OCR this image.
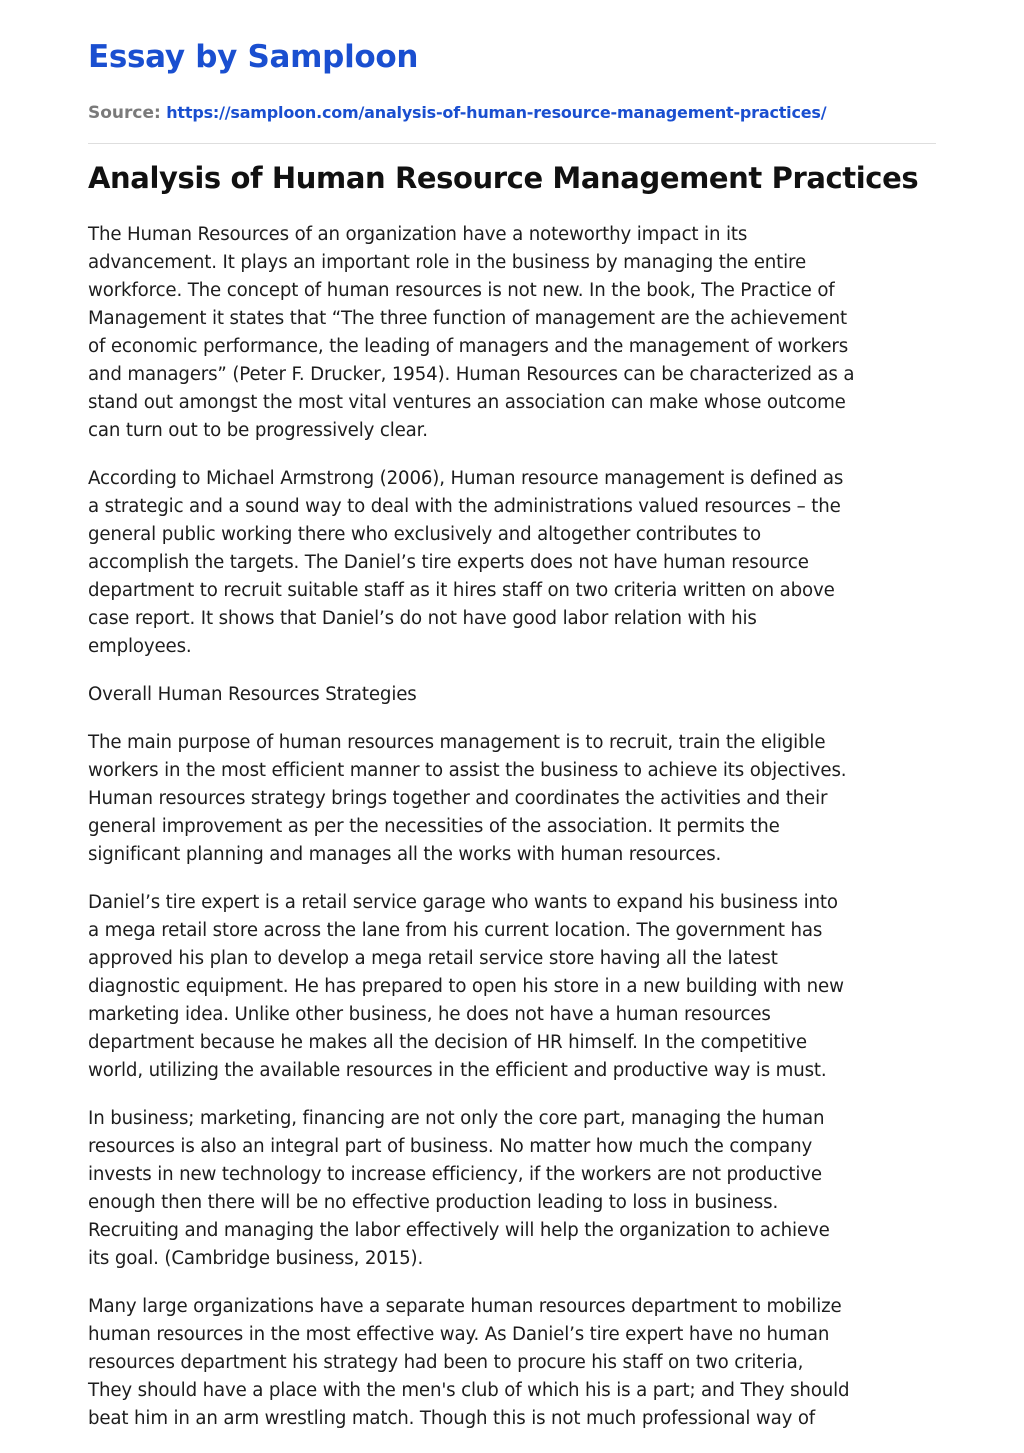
Essay by Samploon
Source: https://samploon.com/analysis-of-human-resource-management-practices/
Analysis of Human Resource Management Practices

The Human Resources of an organization have a noteworthy impact in its
advancement. It plays an important role in the business by managing the entire
workforce. The concept of human resources is not new. In the book, The Practice of
Management it states that “The three function of management are the achievement
of economic performance, the leading of managers and the management of workers
and managers” (Peter F. Drucker, 1954). Human Resources can be characterized as a
stand out amongst the most vital ventures an association can make whose outcome
can turn out to be progressively clear.

According to Michael Armstrong (2006), Human resource management is defined as
a strategic and a sound way to deal with the administrations valued resources – the
general public working there who exclusively and altogether contributes to
accomplish the targets. The Daniel’s tire experts does not have human resource
department to recruit suitable staff as it hires staff on two criteria written on above
case report. It shows that Daniel’s do not have good labor relation with his
employees.

Overall Human Resources Strategies

The main purpose of human resources management is to recruit, train the eligible
workers in the most efficient manner to assist the business to achieve its objectives.
Human resources strategy brings together and coordinates the activities and their
general improvement as per the necessities of the association. It permits the
significant planning and manages all the works with human resources.

Daniel’s tire expert is a retail service garage who wants to expand his business into
a mega retail store across the lane from his current location. The government has
approved his plan to develop a mega retail service store having all the latest
diagnostic equipment. He has prepared to open his store in a new building with new
marketing idea. Unlike other business, he does not have a human resources
department because he makes all the decision of HR himself. In the competitive
world, utilizing the available resources in the efficient and productive way is must.

In business; marketing, financing are not only the core part, managing the human
resources is also an integral part of business. No matter how much the company
invests in new technology to increase efficiency, if the workers are not productive
enough then there will be no effective production leading to loss in business.
Recruiting and managing the labor effectively will help the organization to achieve
its goal. (Cambridge business, 2015).

Many large organizations have a separate human resources department to mobilize
human resources in the most effective way. As Daniel’s tire expert have no human
resources department his strategy had been to procure his staff on two criteria,
They should have a place with the men's club of which his is a part; and They should
beat him in an arm wrestling match. Though this is not much professional way of
